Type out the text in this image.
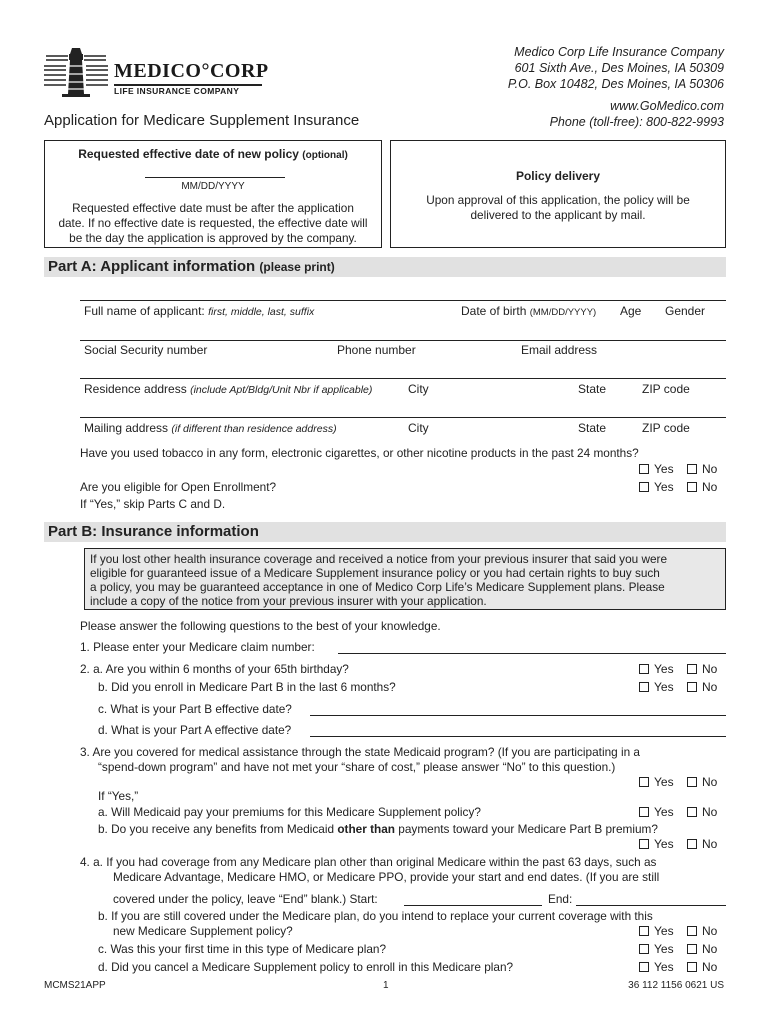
MEDICO°CORP
LIFE INSURANCE COMPANY
Medico Corp Life Insurance Company
601 Sixth Ave., Des Moines, IA 50309
P.O. Box 10482, Des Moines, IA 50306
www.GoMedico.com
Phone (toll-free): 800-822-9993
Application for Medicare Supplement Insurance
Requested effective date of new policy (optional)
MM/DD/YYYY
Requested effective date must be after the application
date. If no effective date is requested, the effective date will
be the day the application is approved by the company.
Policy delivery
Upon approval of this application, the policy will be
delivered to the applicant by mail.
Part A: Applicant information (please print)
Full name of applicant: first, middle, last, suffix	Date of birth (MM/DD/YYYY) Age Gender
Social Security number	Phone number	Email address
Residence address (include Apt/Bldg/Unit Nbr if applicable)	City	State	ZIP code
Mailing address (if different than residence address)	City	State	ZIP code
Have you used tobacco in any form, electronic cigarettes, or other nicotine products in the past 24 months?
Yes	No
Are you eligible for Open Enrollment?	Yes	No
If “Yes,” skip Parts C and D.
Part B: Insurance information
If you lost other health insurance coverage and received a notice from your previous insurer that said you were
eligible for guaranteed issue of a Medicare Supplement insurance policy or you had certain rights to buy such
a policy, you may be guaranteed acceptance in one of Medico Corp Life’s Medicare Supplement plans. Please
include a copy of the notice from your previous insurer with your application.
Please answer the following questions to the best of your knowledge.
1. Please enter your Medicare claim number:
2. a. Are you within 6 months of your 65th birthday?	Yes	No
b. Did you enroll in Medicare Part B in the last 6 months?	Yes	No
c. What is your Part B effective date?
d. What is your Part A effective date?
3. Are you covered for medical assistance through the state Medicaid program? (If you are participating in a
“spend-down program” and have not met your “share of cost,” please answer “No” to this question.)
Yes	No
If “Yes,”
a. Will Medicaid pay your premiums for this Medicare Supplement policy?	Yes	No
b. Do you receive any benefits from Medicaid other than payments toward your Medicare Part B premium?
Yes	No
4. a. If you had coverage from any Medicare plan other than original Medicare within the past 63 days, such as
Medicare Advantage, Medicare HMO, or Medicare PPO, provide your start and end dates. (If you are still
covered under the policy, leave “End” blank.) Start:	End:
b. If you are still covered under the Medicare plan, do you intend to replace your current coverage with this
new Medicare Supplement policy?	Yes	No
c. Was this your first time in this type of Medicare plan?	Yes	No
d. Did you cancel a Medicare Supplement policy to enroll in this Medicare plan?	Yes	No
MCMS21APP	1	36 112 1156 0621 US
